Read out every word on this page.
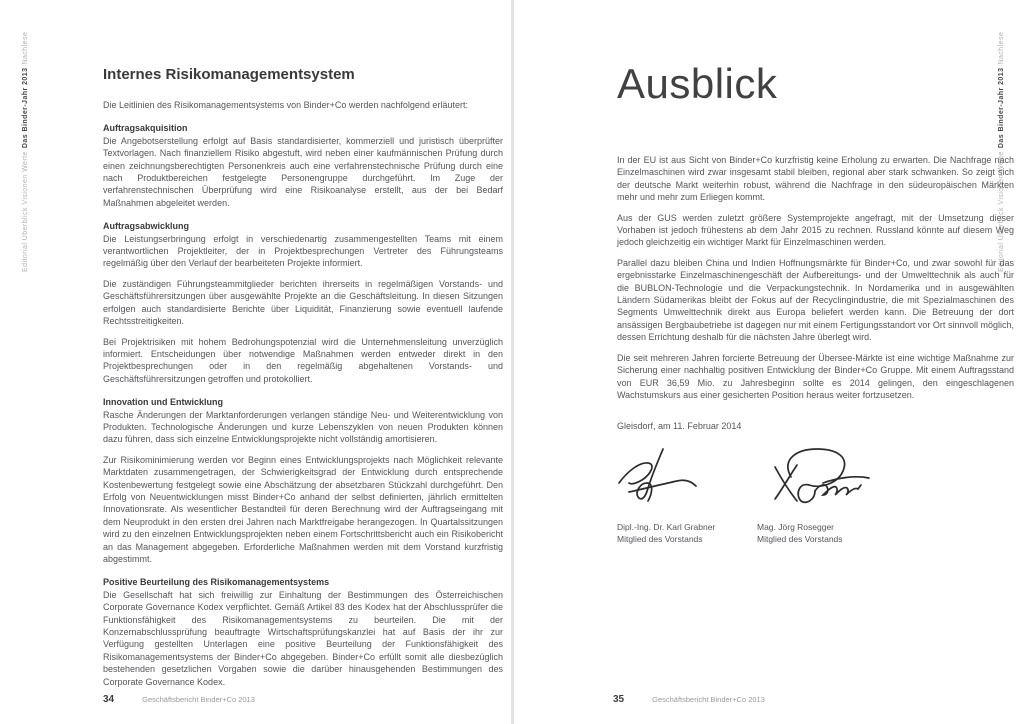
Editorial Überblick Visionen WerteDas Binder-Jahr 2013Nachlese
Editorial Überblick Visionen WerteDas Binder-Jahr 2013Nachlese
Internes Risikomanagementsystem

Die Leitlinien des Risikomanagementsystems von Binder+Co werden nachfolgend erläutert:

Auftragsakquisition

Die Angebotserstellung erfolgt auf Basis standardisierter, kommerziell und juristisch überprüfter Textvorlagen. Nach finanziellem Risiko abgestuft, wird neben einer kaufmännischen Prüfung durch einen zeichnungsberechtigten Personenkreis auch eine verfahrenstechnische Prüfung durch eine nach Produktbereichen festgelegte Personengruppe durchgeführt. Im Zuge der verfahrenstechnischen Überprüfung wird eine Risikoanalyse erstellt, aus der bei Bedarf Maßnahmen abgeleitet werden.

Auftragsabwicklung

Die Leistungserbringung erfolgt in verschiedenartig zusammengestellten Teams mit einem verantwortlichen Projektleiter, der in Projektbesprechungen Vertreter des Führungsteams regelmäßig über den Verlauf der bearbeiteten Projekte informiert.

Die zuständigen Führungsteammitglieder berichten ihrerseits in regelmäßigen Vorstands- und Geschäftsführersitzungen über ausgewählte Projekte an die Geschäftsleitung. In diesen Sitzungen erfolgen auch standardisierte Berichte über Liquidität, Finanzierung sowie eventuell laufende Rechtsstreitigkeiten.

Bei Projektrisiken mit hohem Bedrohungspotenzial wird die Unternehmensleitung unverzüglich informiert. Entscheidungen über notwendige Maßnahmen werden entweder direkt in den Projektbesprechungen oder in den regelmäßig abgehaltenen Vorstands- und Geschäftsführersitzungen getroffen und protokolliert.

Innovation und Entwicklung

Rasche Änderungen der Marktanforderungen verlangen ständige Neu- und Weiterentwicklung von Produkten. Technologische Änderungen und kurze Lebenszyklen von neuen Produkten können dazu führen, dass sich einzelne Entwicklungsprojekte nicht vollständig amortisieren.

Zur Risikominimierung werden vor Beginn eines Entwicklungsprojekts nach Möglichkeit relevante Marktdaten zusammengetragen, der Schwierigkeitsgrad der Entwicklung durch entsprechende Kostenbewertung festgelegt sowie eine Abschätzung der absetzbaren Stückzahl durchgeführt. Den Erfolg von Neuentwicklungen misst Binder+Co anhand der selbst definierten, jährlich ermittelten Innovationsrate. Als wesentlicher Bestandteil für deren Berechnung wird der Auftragseingang mit dem Neuprodukt in den ersten drei Jahren nach Marktfreigabe herangezogen. In Quartalssitzungen wird zu den einzelnen Entwicklungsprojekten neben einem Fortschrittsbericht auch ein Risikobericht an das Management abgegeben. Erforderliche Maßnahmen werden mit dem Vorstand kurzfristig abgestimmt.

Positive Beurteilung des Risikomanagementsystems

Die Gesellschaft hat sich freiwillig zur Einhaltung der Bestimmungen des Österreichischen Corporate Governance Kodex verpflichtet. Gemäß Artikel 83 des Kodex hat der Abschlussprüfer die Funktionsfähigkeit des Risikomanagementsystems zu beurteilen. Die mit der Konzernabschlussprüfung beauftragte Wirtschaftsprüfungskanzlei hat auf Basis der ihr zur Verfügung gestellten Unterlagen eine positive Beurteilung der Funktionsfähigkeit des Risikomanagementsystems der Binder+Co abgegeben. Binder+Co erfüllt somit alle diesbezüglich bestehenden gesetzlichen Vorgaben sowie die darüber hinausgehenden Bestimmungen des Corporate Governance Kodex.

Ausblick

In der EU ist aus Sicht von Binder+Co kurzfristig keine Erholung zu erwarten. Die Nachfrage nach Einzelmaschinen wird zwar insgesamt stabil bleiben, regional aber stark schwanken. So zeigt sich der deutsche Markt weiterhin robust, während die Nachfrage in den südeuropäischen Märkten mehr und mehr zum Erliegen kommt.

Aus der GUS werden zuletzt größere Systemprojekte angefragt, mit der Umsetzung dieser Vorhaben ist jedoch frühestens ab dem Jahr 2015 zu rechnen. Russland könnte auf diesem Weg jedoch gleichzeitig ein wichtiger Markt für Einzelmaschinen werden.

Parallel dazu bleiben China und Indien Hoffnungsmärkte für Binder+Co, und zwar sowohl für das ergebnisstarke Einzelmaschinengeschäft der Aufbereitungs- und der Umwelttechnik als auch für die BUBLON-Technologie und die Verpackungstechnik. In Nordamerika und in ausgewählten Ländern Südamerikas bleibt der Fokus auf der Recyclingindustrie, die mit Spezialmaschinen des Segments Umwelttechnik direkt aus Europa beliefert werden kann. Die Betreuung der dort ansässigen Bergbaubetriebe ist dagegen nur mit einem Fertigungsstandort vor Ort sinnvoll möglich, dessen Errichtung deshalb für die nächsten Jahre überlegt wird.

Die seit mehreren Jahren forcierte Betreuung der Übersee-Märkte ist eine wichtige Maßnahme zur Sicherung einer nachhaltig positiven Entwicklung der Binder+Co Gruppe. Mit einem Auftragsstand von EUR 36,59 Mio. zu Jahresbeginn sollte es 2014 gelingen, den eingeschlagenen Wachstumskurs aus einer gesicherten Position heraus weiter fortzusetzen.

Gleisdorf, am 11. Februar 2014

Dipl.-Ing. Dr. Karl Grabner
Mitglied des Vorstands
Mag. Jörg Rosegger
Mitglied des Vorstands
34	Geschäftsbericht Binder+Co 2013	35	Geschäftsbericht Binder+Co 2013
